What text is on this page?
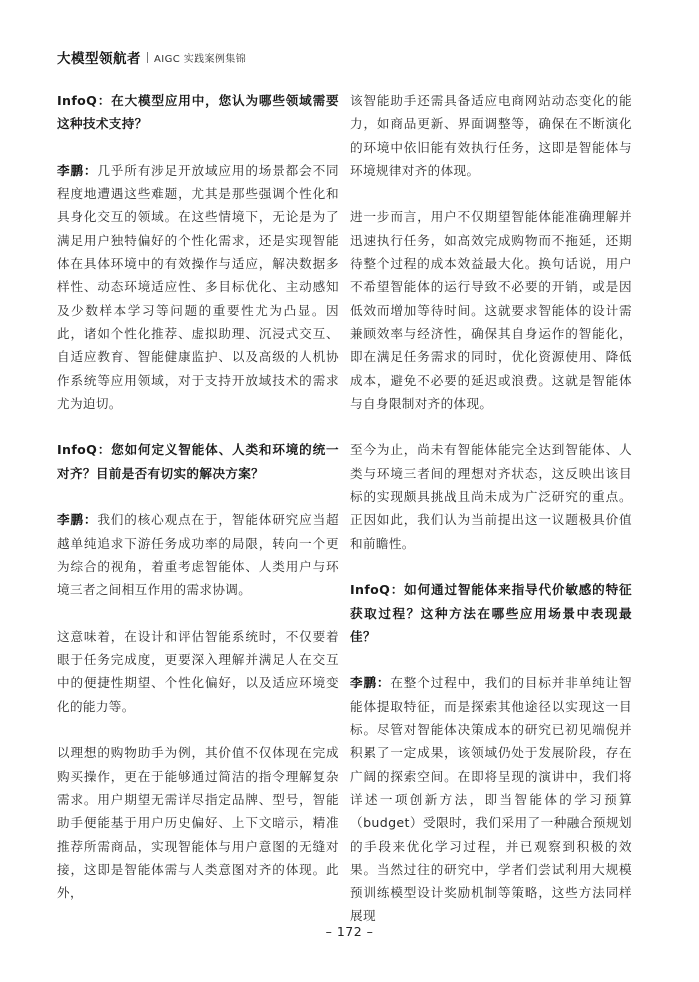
大模型领航者 AIGC 实践案例集锦

InfoQ：在大模型应用中，您认为哪些领域需要这种技术支持？

李鹏：几乎所有涉足开放域应用的场景都会不同程度地遭遇这些难题，尤其是那些强调个性化和具身化交互的领域。在这些情境下，无论是为了满足用户独特偏好的个性化需求，还是实现智能体在具体环境中的有效操作与适应，解决数据多样性、动态环境适应性、多目标优化、主动感知及少数样本学习等问题的重要性尤为凸显。因此，诸如个性化推荐、虚拟助理、沉浸式交互、自适应教育、智能健康监护、以及高级的人机协作系统等应用领域，对于支持开放域技术的需求尤为迫切。

InfoQ：您如何定义智能体、人类和环境的统一对齐？目前是否有切实的解决方案？

李鹏：我们的核心观点在于，智能体研究应当超越单纯追求下游任务成功率的局限，转向一个更为综合的视角，着重考虑智能体、人类用户与环境三者之间相互作用的需求协调。

这意味着，在设计和评估智能系统时，不仅要着眼于任务完成度，更要深入理解并满足人在交互中的便捷性期望、个性化偏好，以及适应环境变化的能力等。

以理想的购物助手为例，其价值不仅体现在完成购买操作，更在于能够通过简洁的指令理解复杂需求。用户期望无需详尽指定品牌、型号，智能助手便能基于用户历史偏好、上下文暗示，精准推荐所需商品，实现智能体与用户意图的无缝对接，这即是智能体需与人类意图对齐的体现。此外，

该智能助手还需具备适应电商网站动态变化的能力，如商品更新、界面调整等，确保在不断演化的环境中依旧能有效执行任务，这即是智能体与环境规律对齐的体现。

进一步而言，用户不仅期望智能体能准确理解并迅速执行任务，如高效完成购物而不拖延，还期待整个过程的成本效益最大化。换句话说，用户不希望智能体的运行导致不必要的开销，或是因低效而增加等待时间。这就要求智能体的设计需兼顾效率与经济性，确保其自身运作的智能化，即在满足任务需求的同时，优化资源使用、降低成本，避免不必要的延迟或浪费。这就是智能体与自身限制对齐的体现。

至今为止，尚未有智能体能完全达到智能体、人类与环境三者间的理想对齐状态，这反映出该目标的实现颇具挑战且尚未成为广泛研究的重点。正因如此，我们认为当前提出这一议题极具价值和前瞻性。

InfoQ：如何通过智能体来指导代价敏感的特征获取过程？这种方法在哪些应用场景中表现最佳？

李鹏：在整个过程中，我们的目标并非单纯让智能体提取特征，而是探索其他途径以实现这一目标。尽管对智能体决策成本的研究已初见端倪并积累了一定成果，该领域仍处于发展阶段，存在广阔的探索空间。在即将呈现的演讲中，我们将详述一项创新方法，即当智能体的学习预算（budget）受限时，我们采用了一种融合预规划的手段来优化学习过程，并已观察到积极的效果。当然过往的研究中，学者们尝试利用大规模预训练模型设计奖励机制等策略，这些方法同样展现

– 172 –
